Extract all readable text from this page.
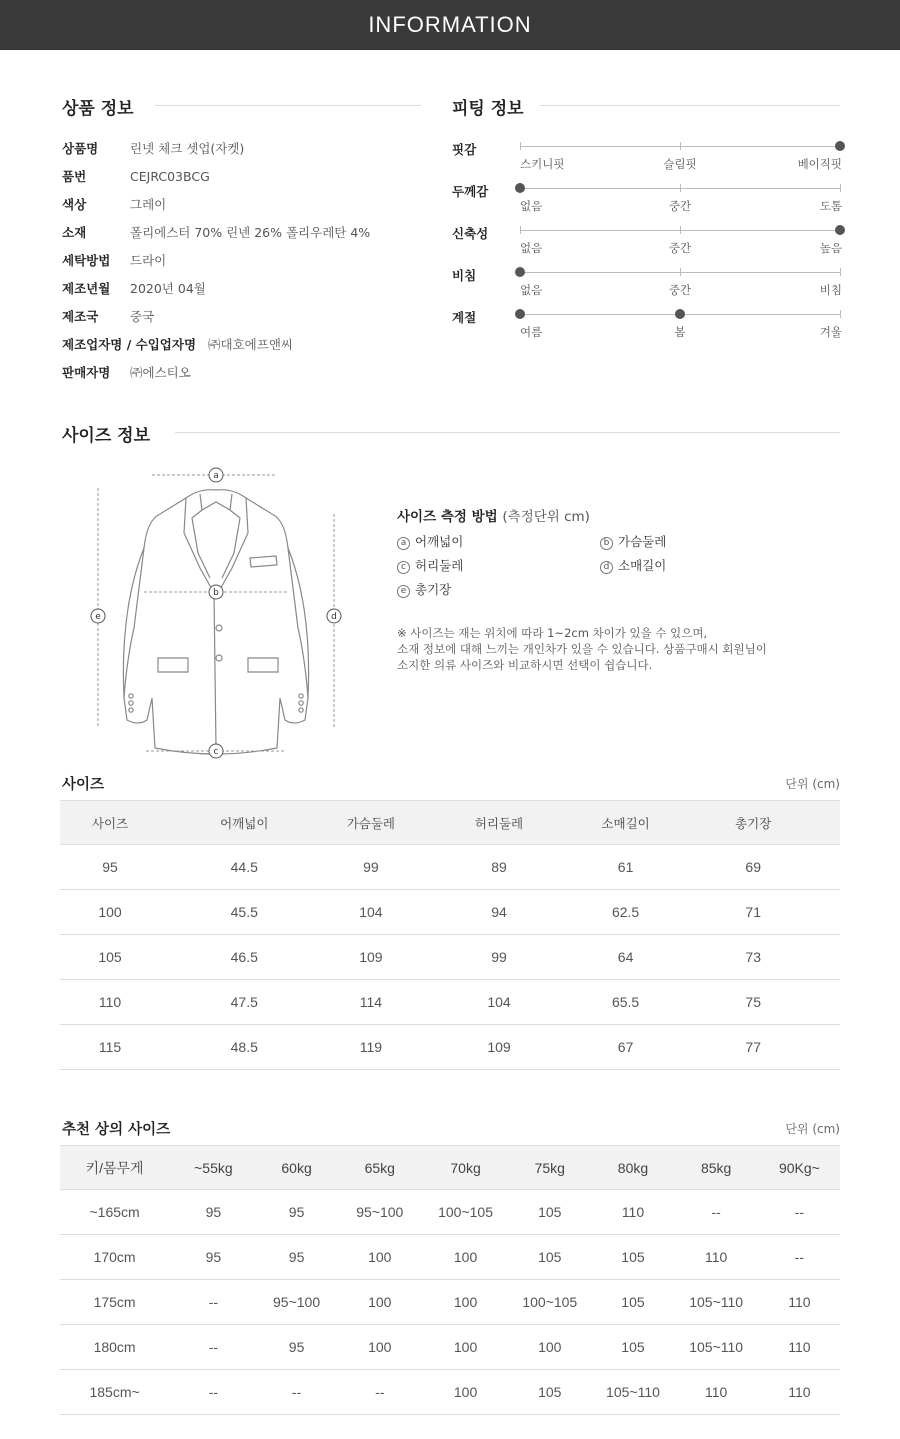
INFORMATION
상품 정보
상품명	린넷 체크 셋업(자켓)
품번	CEJRC03BCG
색상	그레이
소재	폴리에스터 70% 린넨 26% 폴리우레탄 4%
세탁방법 드라이
제조년월 2020년 04월
제조국	중국
제조업자명 / 수입업자명 ㈜대호에프앤씨
판매자명 ㈜에스티오
피팅 정보
핏감
스키니핏	슬림핏	베이직핏
두께감
없음	중간	도톰
신축성
없음	중간	높음
비침
없음	중간	비침
계절
여름	봄	겨울
사이즈 정보
a
b
c
d
e
사이즈 측정 방법 (측정단위 cm)
a 어깨넓이	b 가슴둘레
c 허리둘레	d 소매길이
e 총기장
※ 사이즈는 재는 위치에 따라 1~2cm 차이가 있을 수 있으며,
소재 정보에 대해 느끼는 개인차가 있을 수 있습니다. 상품구매시 회원님이
소지한 의류 사이즈와 비교하시면 선택이 쉽습니다.
사이즈	단위 (cm)
사이즈	어깨넓이	가슴둘레	허리둘레	소매길이	총기장
95	44.5	99	89	61	69
100	45.5	104	94	62.5	71
105	46.5	109	99	64	73
110	47.5	114	104	65.5	75
115	48.5	119	109	67	77
추천 상의 사이즈	단위 (cm)
키/몸무게	~55kg	60kg	65kg	70kg	75kg	80kg	85kg	90Kg~
~165cm	95	95	95~100	100~105	105	110	--	--
170cm	95	95	100	100	105	105	110	--
175cm	--	95~100	100	100	100~105	105	105~110	110
180cm	--	95	100	100	100	105	105~110	110
185cm~	--	--	--	100	105	105~110	110	110
